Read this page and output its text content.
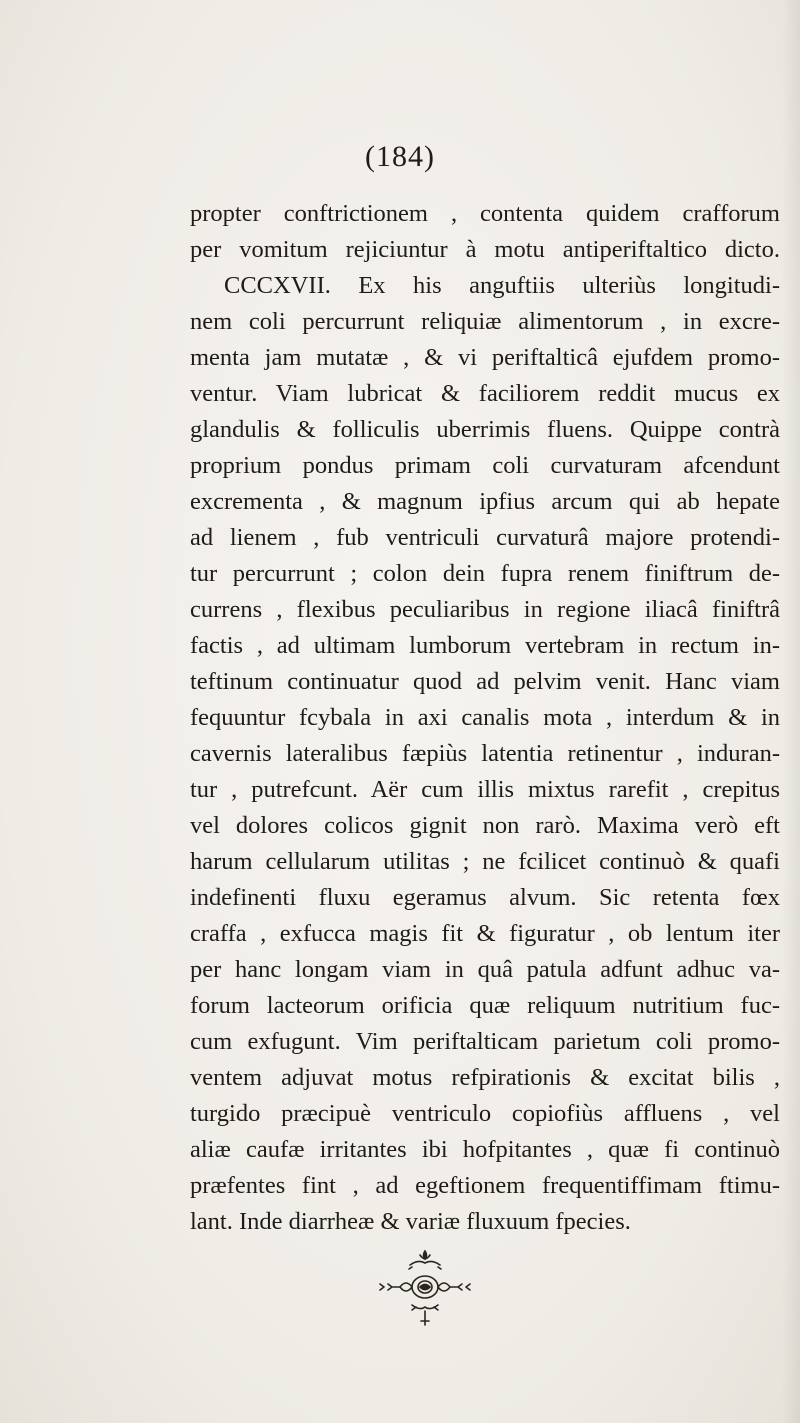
(184)
propter conftrictionem , contenta quidem crafforum
per vomitum rejiciuntur à motu antiperiftaltico dicto.
CCCXVII. Ex his anguftiis ulteriùs longitudi-
nem coli percurrunt reliquiæ alimentorum , in excre-
menta jam mutatæ , & vi periftalticâ ejufdem promo-
ventur. Viam lubricat & faciliorem reddit mucus ex
glandulis & folliculis uberrimis fluens. Quippe contrà
proprium pondus primam coli curvaturam afcendunt
excrementa , & magnum ipfius arcum qui ab hepate
ad lienem , fub ventriculi curvaturâ majore protendi-
tur percurrunt ; colon dein fupra renem finiftrum de-
currens , flexibus peculiaribus in regione iliacâ finiftrâ
factis , ad ultimam lumborum vertebram in rectum in-
teftinum continuatur quod ad pelvim venit. Hanc viam
fequuntur fcybala in axi canalis mota , interdum & in
cavernis lateralibus fæpiùs latentia retinentur , induran-
tur , putrefcunt. Aër cum illis mixtus rarefit , crepitus
vel dolores colicos gignit non rarò. Maxima verò eft
harum cellularum utilitas ; ne fcilicet continuò & quafi
indefinenti fluxu egeramus alvum. Sic retenta fœx
craffa , exfucca magis fit & figuratur , ob lentum iter
per hanc longam viam in quâ patula adfunt adhuc va-
forum lacteorum orificia quæ reliquum nutritium fuc-
cum exfugunt. Vim periftalticam parietum coli promo-
ventem adjuvat motus refpirationis & excitat bilis ,
turgido præcipuè ventriculo copiofiùs affluens , vel
aliæ caufæ irritantes ibi hofpitantes , quæ fi continuò
præfentes fint , ad egeftionem frequentiffimam ftimu-
lant. Inde diarrheæ & variæ fluxuum fpecies.
